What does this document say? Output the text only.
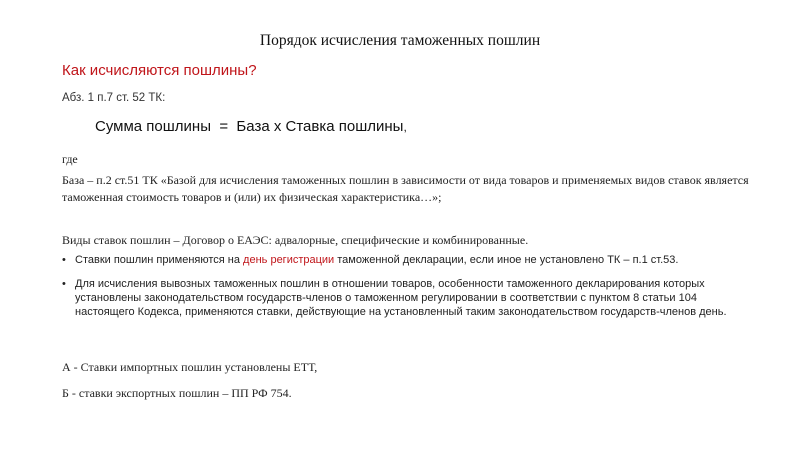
Порядок исчисления таможенных пошлин
Как исчисляются пошлины?
Абз. 1 п.7 ст. 52 ТК:
Сумма пошлины  =  База х Ставка пошлины,
где
База – п.2 ст.51 ТК «Базой для исчисления таможенных пошлин в зависимости от вида товаров и применяемых видов ставок является таможенная стоимость товаров и (или) их физическая характеристика…»;
Виды ставок пошлин – Договор о ЕАЭС: адвалорные, специфические и комбинированные.
• Ставки пошлин применяются на день регистрации таможенной декларации, если иное не установлено ТК – п.1 ст.53.
• Для исчисления вывозных таможенных пошлин в отношении товаров, особенности таможенного декларирования которых установлены законодательством государств-членов о таможенном регулировании в соответствии с пунктом 8 статьи 104 настоящего Кодекса, применяются ставки, действующие на установленный таким законодательством государств-членов день.
А - Ставки импортных пошлин установлены ЕТТ,
Б - ставки экспортных пошлин – ПП РФ 754.
